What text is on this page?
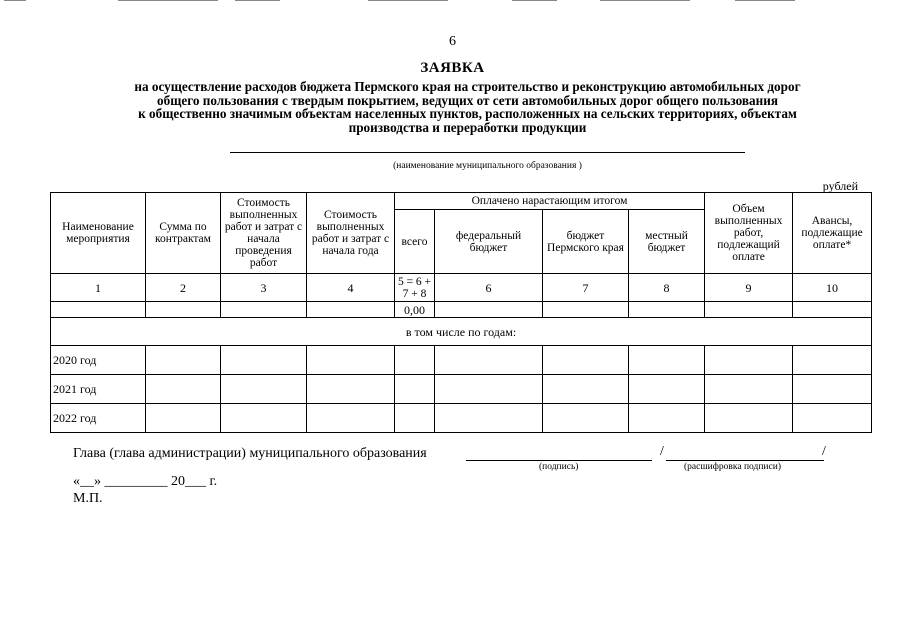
6
ЗАЯВКА
на осуществление расходов бюджета Пермского края на строительство и реконструкцию автомобильных дорог
общего пользования с твердым покрытием, ведущих от сети автомобильных дорог общего пользования
к общественно значимым объектам населенных пунктов, расположенных на сельских территориях, объектам
производства и переработки продукции
(наименование муниципального образования )
рублей
Наименование мероприятия	Сумма по контрактам	Стоимость выполненных работ и затрат с начала проведения работ	Стоимость выполненных работ и затрат с начала года	Оплачено нарастающим итогом				Объем выполненных работ, подлежащий оплате	Авансы, подлежащие оплате*
				всего	федеральный бюджет	бюджет Пермского края	местный бюджет		
1	2	3	4	5 = 6 + 7 + 8	6	7	8	9	10
				0,00					
в том числе по годам:									
2020 год									
2021 год									
2022 год									
Глава (глава администрации) муниципального образования	/	/
(подпись)	(расшифровка подписи)
«__» _________ 20___ г.
М.П.
